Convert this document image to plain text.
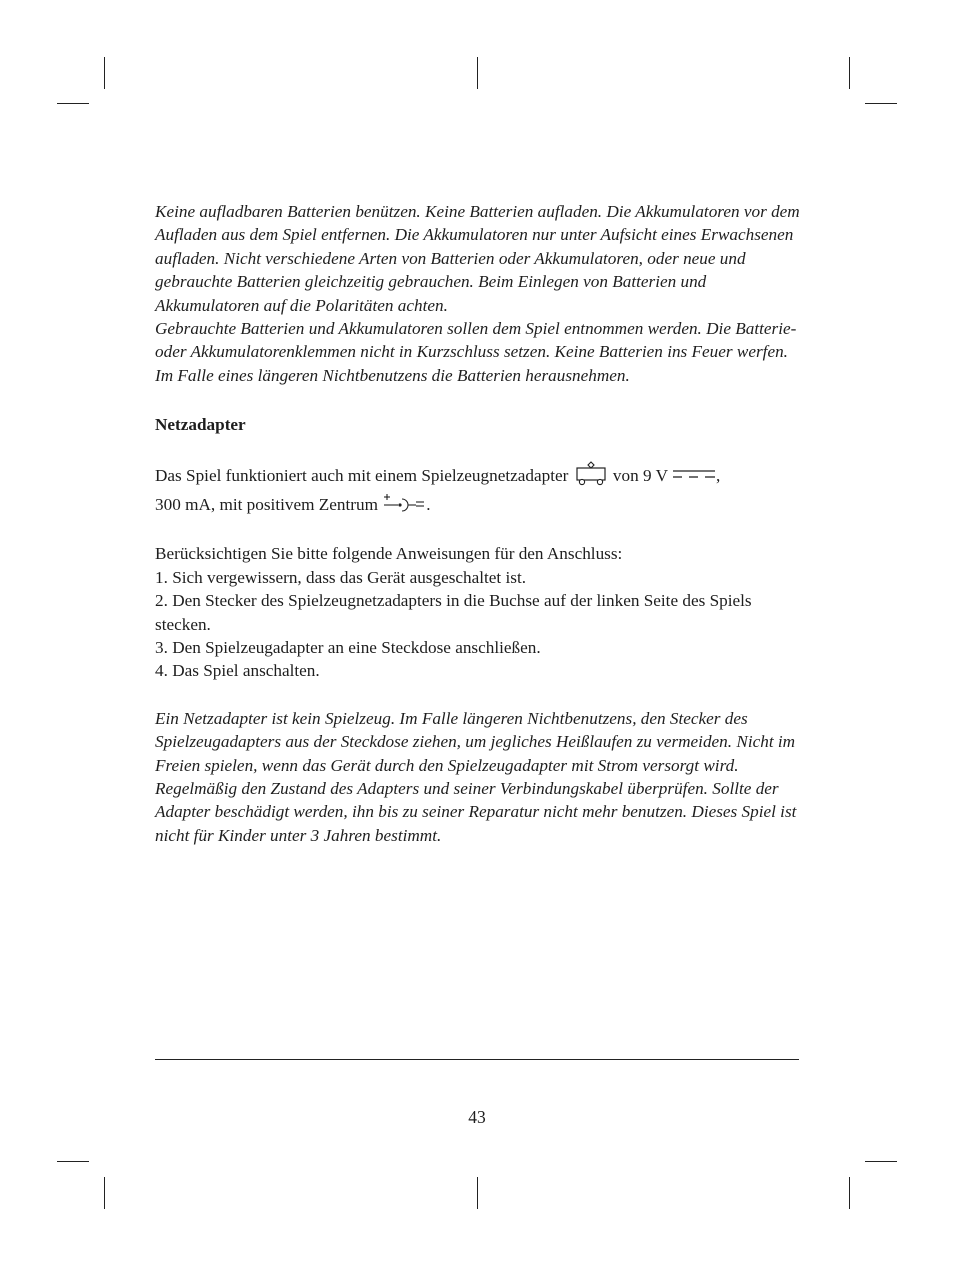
Keine aufladbaren Batterien benützen. Keine Batterien aufladen. Die Akkumulatoren vor dem Aufladen aus dem Spiel entfernen. Die Akkumulatoren nur unter Aufsicht eines Erwachsenen aufladen. Nicht verschiedene Arten von Batterien oder Akkumulatoren, oder neue und gebrauchte Batterien gleichzeitig gebrauchen. Beim Einlegen von Batterien und Akkumulatoren auf die Polaritäten achten.

Gebrauchte Batterien und Akkumulatoren sollen dem Spiel entnommen werden. Die Batterie- oder Akkumulatorenklemmen nicht in Kurzschluss setzen. Keine Batterien ins Feuer werfen. Im Falle eines längeren Nichtbenutzens die Batterien herausnehmen.

Netzadapter

Das Spiel funktioniert auch mit einem Spielzeugnetzadapter	von 9 V	,
300 mA, mit positivem Zentrum	.

Berücksichtigen Sie bitte folgende Anweisungen für den Anschluss:

1. Sich vergewissern, dass das Gerät ausgeschaltet ist.

2. Den Stecker des Spielzeugnetzadapters in die Buchse auf der linken Seite des Spiels stecken.

3. Den Spielzeugadapter an eine Steckdose anschließen.

4. Das Spiel anschalten.

Ein Netzadapter ist kein Spielzeug. Im Falle längeren Nichtbenutzens, den Stecker des Spielzeugadapters aus der Steckdose ziehen, um jegliches Heißlaufen zu vermeiden. Nicht im Freien spielen, wenn das Gerät durch den Spielzeugadapter mit Strom versorgt wird. Regelmäßig den Zustand des Adapters und seiner Verbindungskabel überprüfen. Sollte der Adapter beschädigt werden, ihn bis zu seiner Reparatur nicht mehr benutzen. Dieses Spiel ist nicht für Kinder unter 3 Jahren bestimmt.

43
